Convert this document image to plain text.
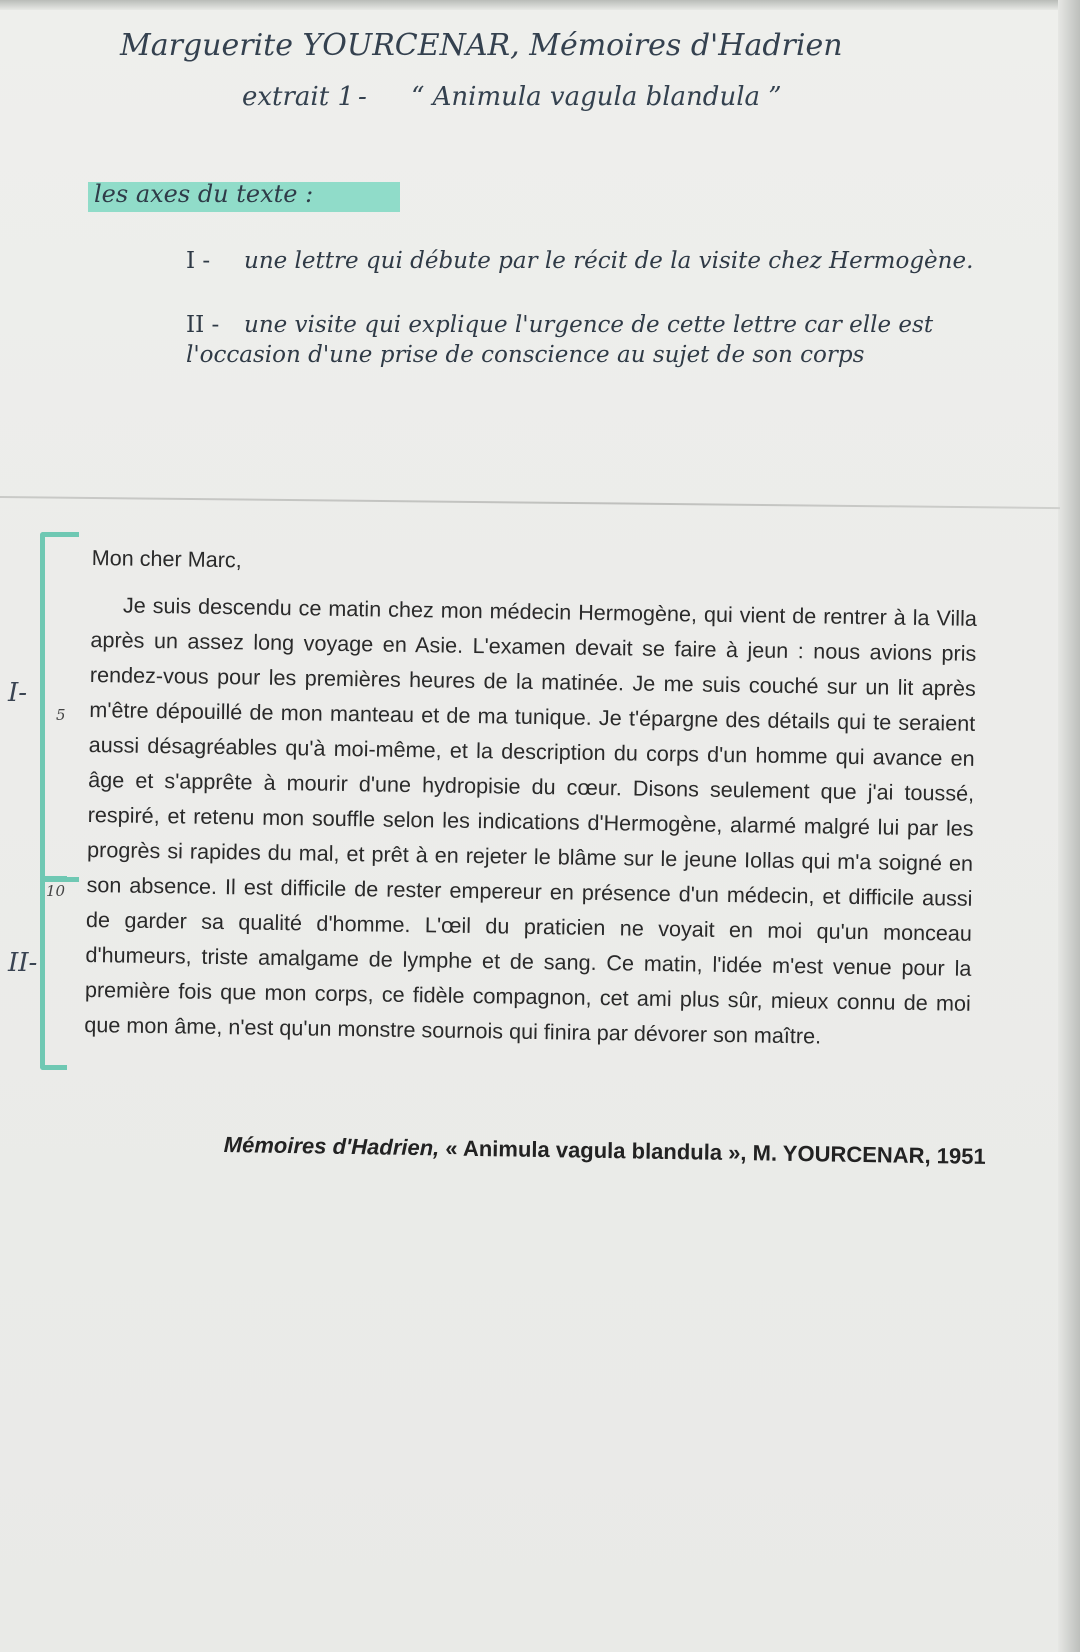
Marguerite YOURCENAR, Mémoires d'Hadrien
extrait 1 - “ Animula vagula blandula ”
les axes du texte :
I - une lettre qui débute par le récit de la visite chez Hermogène.
II - une visite qui explique l'urgence de cette lettre car elle est l'occasion d'une prise de conscience au sujet de son corps
I-
II-
5
10

Mon cher Marc,

Je suis descendu ce matin chez mon médecin Hermogène, qui vient de rentrer à la Villa après un assez long voyage en Asie. L'examen devait se faire à jeun : nous avions pris rendez-vous pour les premières heures de la matinée. Je me suis couché sur un lit après m'être dépouillé de mon manteau et de ma tunique. Je t'épargne des détails qui te seraient aussi désagréables qu'à moi-même, et la description du corps d'un homme qui avance en âge et s'apprête à mourir d'une hydropisie du cœur. Disons seulement que j'ai toussé, respiré, et retenu mon souffle selon les indications d'Hermogène, alarmé malgré lui par les progrès si rapides du mal, et prêt à en rejeter le blâme sur le jeune Iollas qui m'a soigné en son absence. Il est difficile de rester empereur en présence d'un médecin, et difficile aussi de garder sa qualité d'homme. L'œil du praticien ne voyait en moi qu'un monceau d'humeurs, triste amalgame de lymphe et de sang. Ce matin, l'idée m'est venue pour la première fois que mon corps, ce fidèle compagnon, cet ami plus sûr, mieux connu de moi que mon âme, n'est qu'un monstre sournois qui finira par dévorer son maître.

Mémoires d'Hadrien, « Animula vagula blandula », M. YOURCENAR, 1951
